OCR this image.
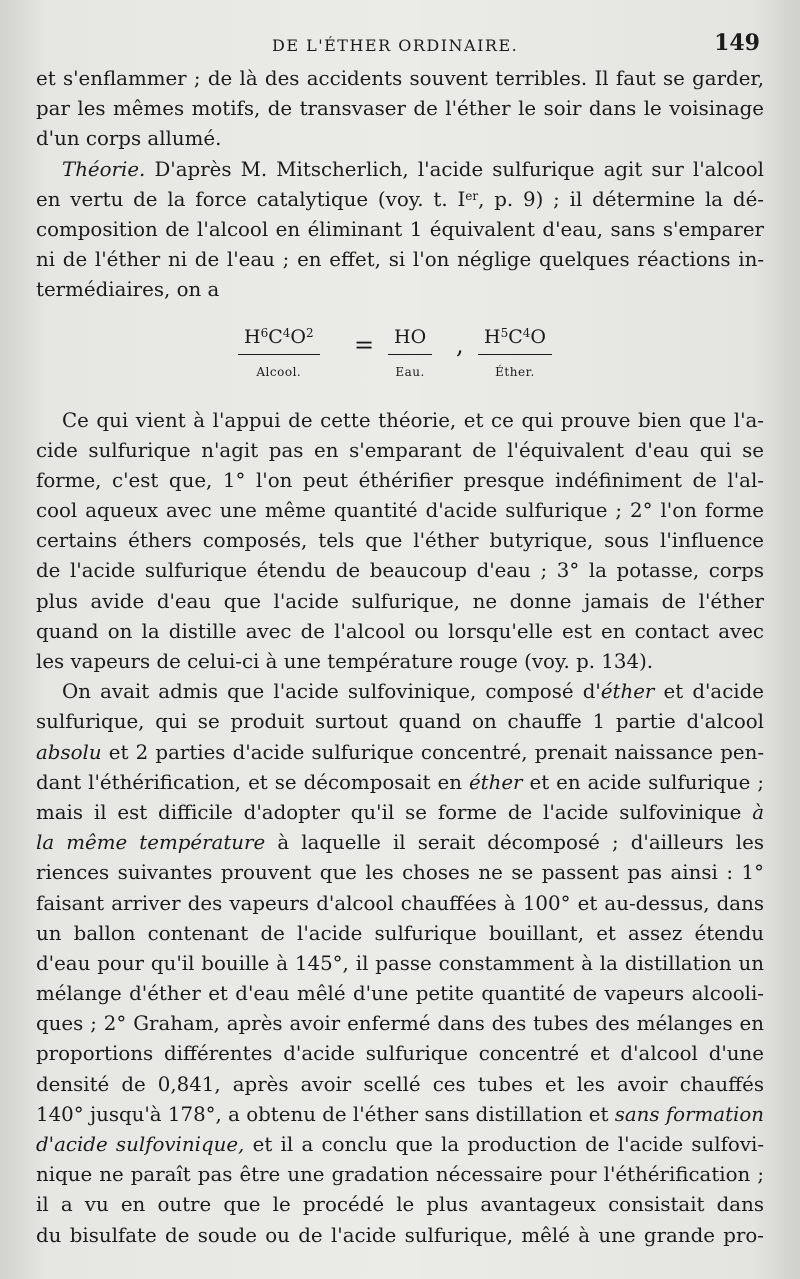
DE L'ÉTHER ORDINAIRE.	149
et s'enflammer ; de là des accidents souvent terribles. Il faut se garder,
par les mêmes motifs, de transvaser de l'éther le soir dans le voisinage
d'un corps allumé.
Théorie. D'après M. Mitscherlich, l'acide sulfurique agit sur l'alcool
en vertu de la force catalytique (voy. t. Ier, p. 9) ; il détermine la dé-
composition de l'alcool en éliminant 1 équivalent d'eau, sans s'emparer
ni de l'éther ni de l'eau ; en effet, si l'on néglige quelques réactions in-
termédiaires, on a
$H^6C^4O^2$
Alcool.
=	HO
Eau.
,	$H^5C^4O$
Éther.
Ce qui vient à l'appui de cette théorie, et ce qui prouve bien que l'a-
cide sulfurique n'agit pas en s'emparant de l'équivalent d'eau qui se
forme, c'est que, 1° l'on peut éthérifier presque indéfiniment de l'al-
cool aqueux avec une même quantité d'acide sulfurique ; 2° l'on forme
certains éthers composés, tels que l'éther butyrique, sous l'influence
de l'acide sulfurique étendu de beaucoup d'eau ; 3° la potasse, corps
plus avide d'eau que l'acide sulfurique, ne donne jamais de l'éther
quand on la distille avec de l'alcool ou lorsqu'elle est en contact avec
les vapeurs de celui-ci à une température rouge (voy. p. 134).
On avait admis que l'acide sulfovinique, composé d'éther et d'acide
sulfurique, qui se produit surtout quand on chauffe 1 partie d'alcool
absolu et 2 parties d'acide sulfurique concentré, prenait naissance pen-
dant l'éthérification, et se décomposait en éther et en acide sulfurique ;
mais il est difficile d'adopter qu'il se forme de l'acide sulfovinique à
la même température à laquelle il serait décomposé ; d'ailleurs les
riences suivantes prouvent que les choses ne se passent pas ainsi : 1°
faisant arriver des vapeurs d'alcool chauffées à 100° et au-dessus, dans
un ballon contenant de l'acide sulfurique bouillant, et assez étendu
d'eau pour qu'il bouille à 145°, il passe constamment à la distillation un
mélange d'éther et d'eau mêlé d'une petite quantité de vapeurs alcooli-
ques ; 2° Graham, après avoir enfermé dans des tubes des mélanges en
proportions différentes d'acide sulfurique concentré et d'alcool d'une
densité de 0,841, après avoir scellé ces tubes et les avoir chauffés
140° jusqu'à 178°, a obtenu de l'éther sans distillation et sans formation
d'acide sulfovinique, et il a conclu que la production de l'acide sulfovi-
nique ne paraît pas être une gradation nécessaire pour l'éthérification ;
il a vu en outre que le procédé le plus avantageux consistait dans
du bisulfate de soude ou de l'acide sulfurique, mêlé à une grande pro-
